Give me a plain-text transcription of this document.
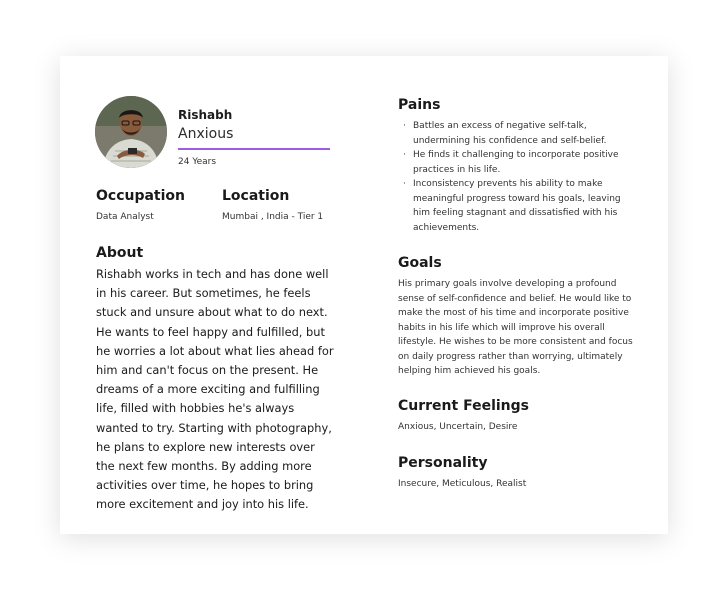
Rishabh
Anxious
24 Years
Occupation
Data Analyst
Location
Mumbai , India - Tier 1
About
Rishabh works in tech and has done well in his career. But sometimes, he feels stuck and unsure about what to do next. He wants to feel happy and fulfilled, but he worries a lot about what lies ahead for him and can't focus on the present. He dreams of a more exciting and fulfilling life, filled with hobbies he's always wanted to try. Starting with photography, he plans to explore new interests over the next few months. By adding more activities over time, he hopes to bring more excitement and joy into his life.
Pains
· Battles an excess of negative self-talk, undermining his confidence and self-belief.
· He finds it challenging to incorporate positive practices in his life.
· Inconsistency prevents his ability to make meaningful progress toward his goals, leaving him feeling stagnant and dissatisfied with his achievements.
Goals
His primary goals involve developing a profound sense of self-confidence and belief. He would like to make the most of his time and incorporate positive habits in his life which will improve his overall lifestyle. He wishes to be more consistent and focus on daily progress rather than worrying, ultimately helping him achieved his goals.
Current Feelings
Anxious, Uncertain, Desire
Personality
Insecure, Meticulous, Realist
